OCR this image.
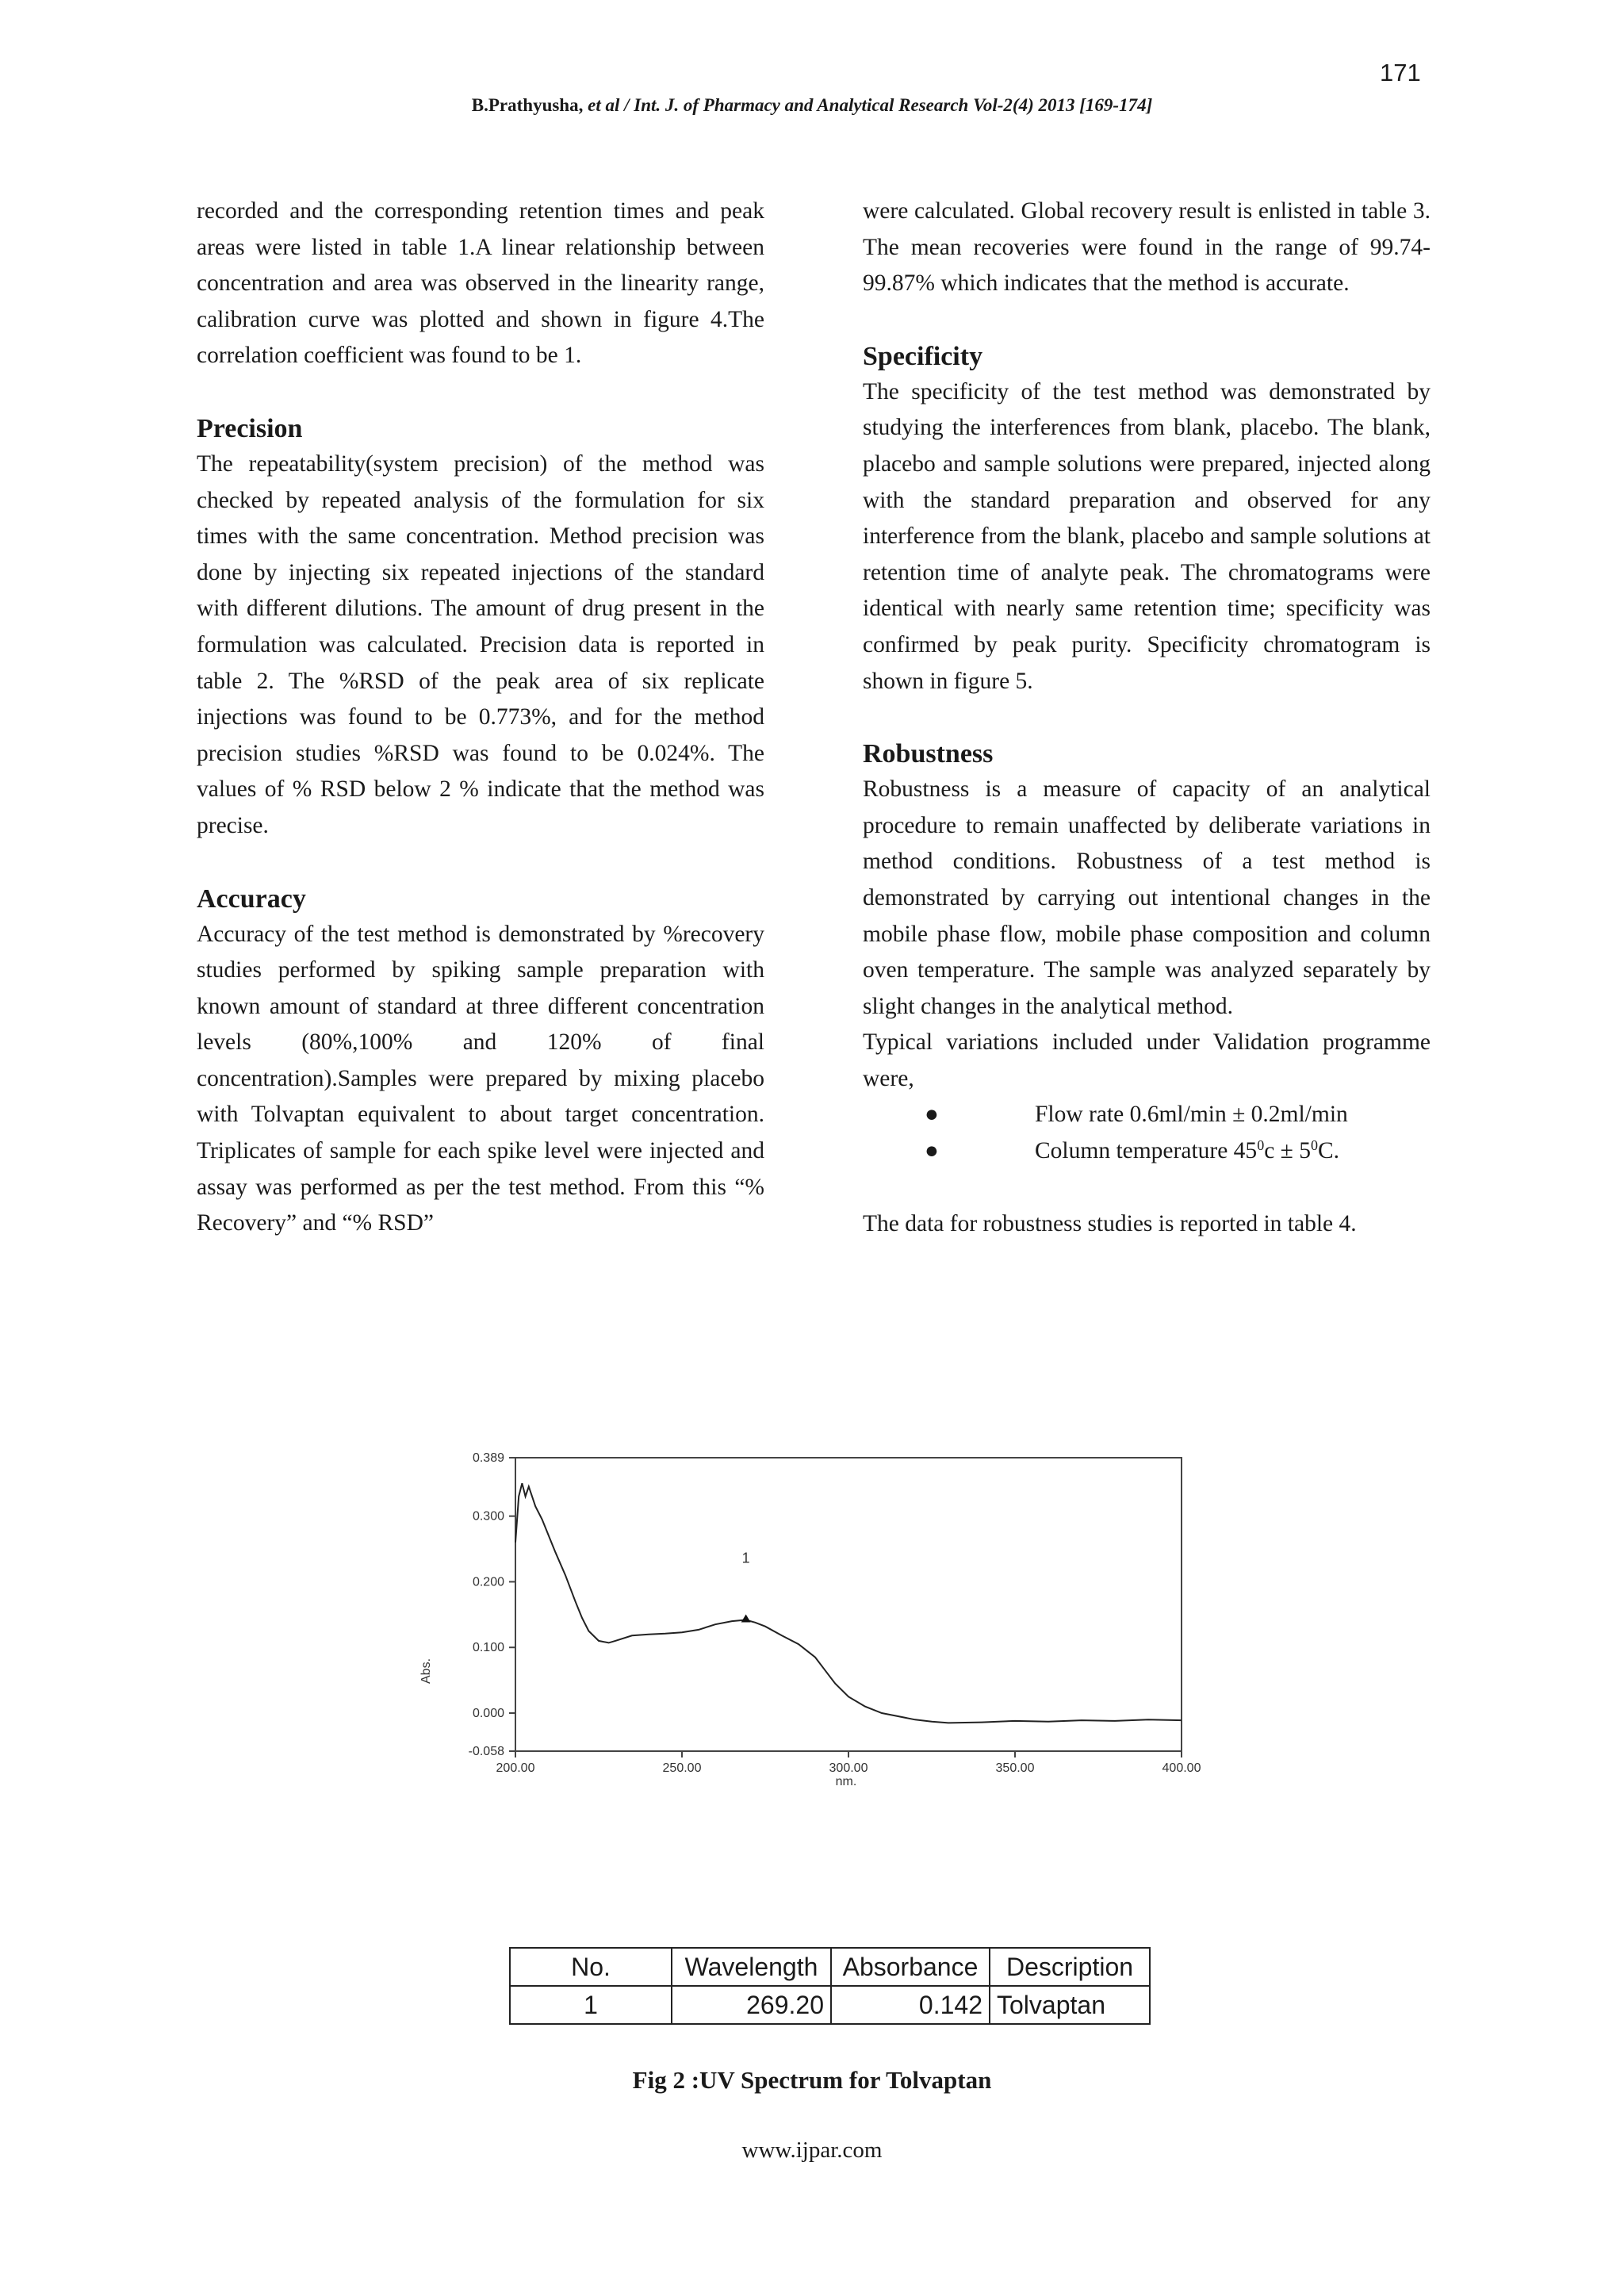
171
B.Prathyusha, et al / Int. J. of Pharmacy and Analytical Research Vol-2(4) 2013 [169-174]

recorded and the corresponding retention times and peak areas were listed in table 1.A linear relationship between concentration and area was observed in the linearity range, calibration curve was plotted and shown in figure 4.The correlation coefficient was found to be 1.

Precision

The repeatability(system precision) of the method was checked by repeated analysis of the formulation for six times with the same concentration. Method precision was done by injecting six repeated injections of the standard with different dilutions. The amount of drug present in the formulation was calculated. Precision data is reported in table 2. The %RSD of the peak area of six replicate injections was found to be 0.773%, and for the method precision studies %RSD was found to be 0.024%. The values of % RSD below 2 % indicate that the method was precise.

Accuracy

Accuracy of the test method is demonstrated by %recovery studies performed by spiking sample preparation with known amount of standard at three different concentration levels (80%,100% and 120% of final concentration).Samples were prepared by mixing placebo with Tolvaptan equivalent to about target concentration. Triplicates of sample for each spike level were injected and assay was performed as per the test method. From this “% Recovery” and “% RSD”

were calculated. Global recovery result is enlisted in table 3. The mean recoveries were found in the range of 99.74-99.87% which indicates that the method is accurate.

Specificity

The specificity of the test method was demonstrated by studying the interferences from blank, placebo. The blank, placebo and sample solutions were prepared, injected along with the standard preparation and observed for any interference from the blank, placebo and sample solutions at retention time of analyte peak. The chromatograms were identical with nearly same retention time; specificity was confirmed by peak purity. Specificity chromatogram is shown in figure 5.

Robustness

Robustness is a measure of capacity of an analytical procedure to remain unaffected by deliberate variations in method conditions. Robustness of a test method is demonstrated by carrying out intentional changes in the mobile phase flow, mobile phase composition and column oven temperature. The sample was analyzed separately by slight changes in the analytical method.

Typical variations included under Validation programme were,

●	Flow rate 0.6ml/min ± 0.2ml/min
●	Column temperature $45^0c \pm 5^0C$.

The data for robustness studies is reported in table 4.

0.389
0.300
0.200
0.100
0.000
-0.058
200.00	250.00	300.00	350.00	400.00
Abs.
nm.
1
No.	Wavelength	Absorbance	Description
1	269.20	0.142	Tolvaptan
Fig 2 :UV Spectrum for Tolvaptan
www.ijpar.com
